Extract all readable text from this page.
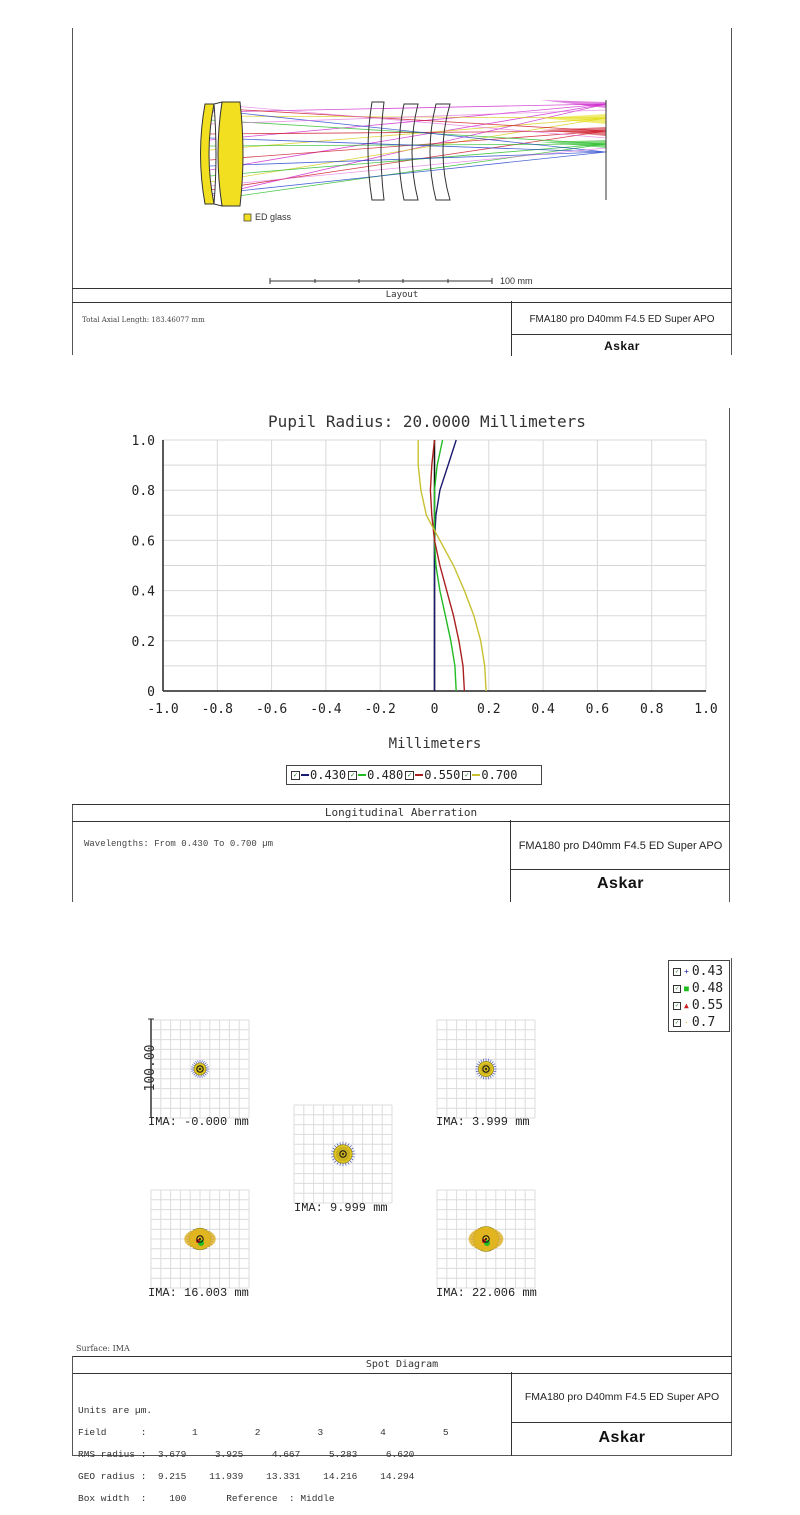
ED glass
100 mm
Layout
Total Axial Length: 183.46077 mm	FMA180 pro D40mm F4.5 ED Super APO
Askar
Pupil Radius: 20.0000 Millimeters
-1.0 -0.8 -0.6 -0.4 -0.2	0	0.2 0.4 0.6 0.8 1.0
0
0.2
0.4
0.6
0.8
1.0
Millimeters
✓ 0.430 ✓ 0.480 ✓ 0.550 ✓ 0.700
Longitudinal Aberration
Wavelengths: From 0.430 To 0.700 µm	FMA180 pro D40mm F4.5 ED Super APO
Askar
✓ + 0.43
✓ ■ 0.48
✓ ▲ 0.55
✓ · 0.7
100.00
IMA: -0.000 mm	IMA: 3.999 mm
IMA: 9.999 mm
IMA: 16.003 mm	IMA: 22.006 mm
Surface: IMA
Spot Diagram

Units are µm.

Field      :        1          2          3          4          5

RMS radius :  3.679     3.925     4.667     5.283     6.620

GEO radius :  9.215    11.939    13.331    14.216    14.294

Box width  :    100       Reference  : Middle

FMA180 pro D40mm F4.5 ED Super APO
Askar
